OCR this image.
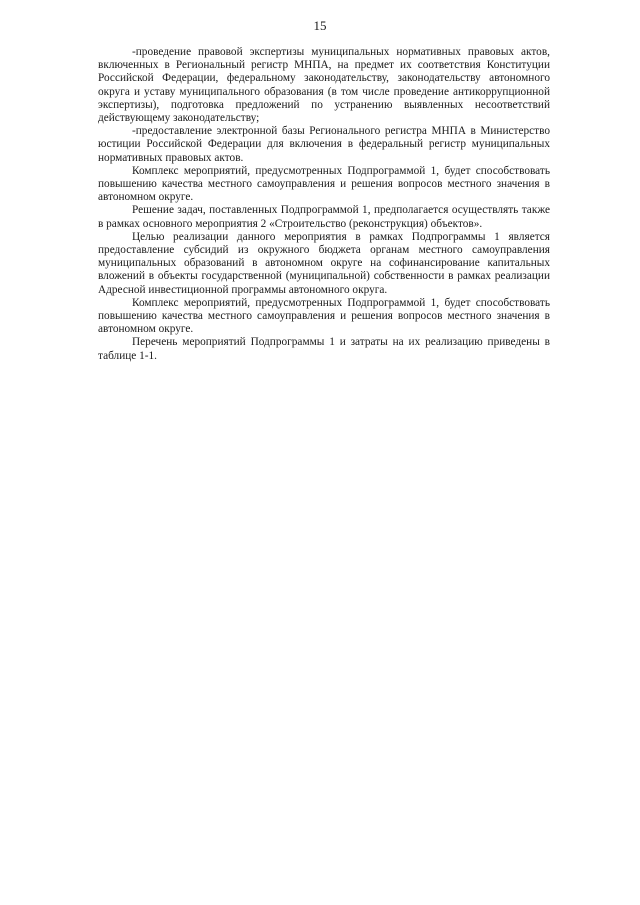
15

-проведение правовой экспертизы муниципальных нормативных правовых актов, включенных в Региональный регистр МНПА, на предмет их соответствия Конституции Российской Федерации, федеральному законодательству, законодательству автономного округа и уставу муниципального образования (в том числе проведение антикоррупционной экспертизы), подготовка предложений по устранению выявленных несоответствий действующему законодательству;

-предоставление электронной базы Регионального регистра МНПА в Министерство юстиции Российской Федерации для включения в федеральный регистр муниципальных нормативных правовых актов.

Комплекс мероприятий, предусмотренных Подпрограммой 1, будет способствовать повышению качества местного самоуправления и решения вопросов местного значения в автономном округе.

Решение задач, поставленных Подпрограммой 1, предполагается осуществлять также в рамках основного мероприятия 2 «Строительство (реконструкция) объектов».

Целью реализации данного мероприятия в рамках Подпрограммы 1 является предоставление субсидий из окружного бюджета органам местного самоуправления муниципальных образований в автономном округе на софинансирование капитальных вложений в объекты государственной (муниципальной) собственности в рамках реализации Адресной инвестиционной программы автономного округа.

Комплекс мероприятий, предусмотренных Подпрограммой 1, будет способствовать повышению качества местного самоуправления и решения вопросов местного значения в автономном округе.

Перечень мероприятий Подпрограммы 1 и затраты на их реализацию приведены в таблице 1-1.
